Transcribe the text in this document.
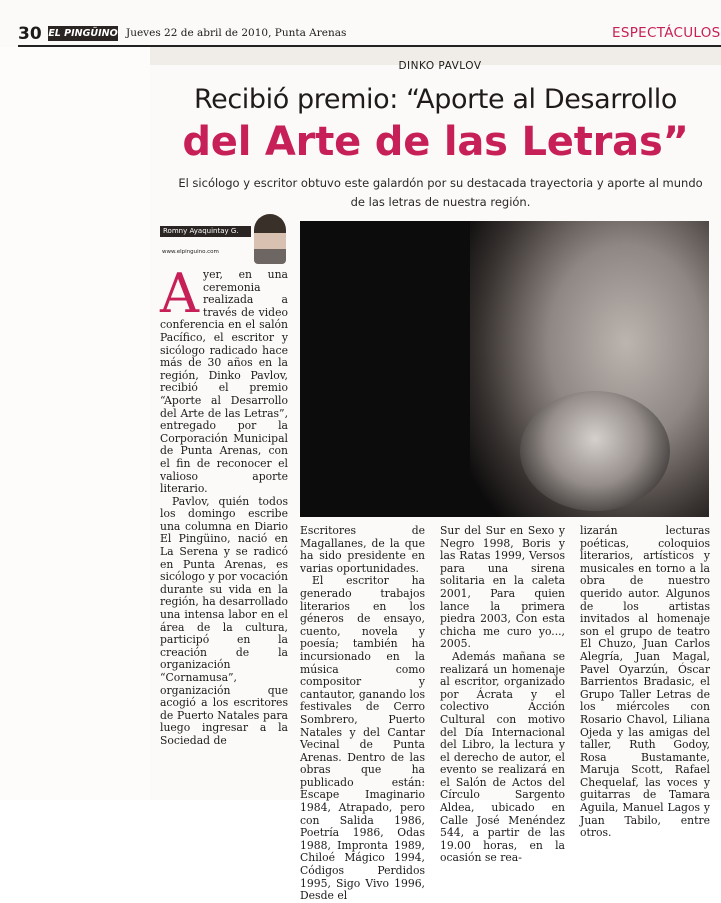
30 EL PINGÜINO Jueves 22 de abril de 2010, Punta Arenas	ESPECTÁCULOS
DINKO PAVLOV
Recibió premio: “Aporte al Desarrollo
del Arte de las Letras”
El sicólogo y escritor obtuvo este galardón por su destacada trayectoria y aporte al mundo
de las letras de nuestra región.
Romny Ayaquintay G.
www.elpinguino.com
A yer, en una ceremonia realizada a través de video conferencia en el salón Pacífico, el escritor y sicólogo radicado hace más de 30 años en la región, Dinko Pavlov, recibió el premio “Aporte al Desarrollo del Arte de las Letras”, entregado por la Corporación Municipal de Punta Arenas, con el fin de reconocer el valioso aporte literario.

Pavlov, quién todos los domingo escribe una columna en Diario El Pingüino, nació en La Serena y se radicó en Punta Arenas, es sicólogo y por vocación durante su vida en la región, ha desarrollado una intensa labor en el área de la cultura, participó en la creación de la organización “Cornamusa”, organización que acogió a los escritores de Puerto Natales para luego ingresar a la Sociedad de

Escritores de Magallanes, de la que ha sido presidente en varias oportunidades.

El escritor ha generado trabajos literarios en los géneros de ensayo, cuento, novela y poesía; también ha incursionado en la música como compositor y cantautor, ganando los festivales de Cerro Sombrero, Puerto Natales y del Cantar Vecinal de Punta Arenas. Dentro de las obras que ha publicado están: Escape Imaginario 1984, Atrapado, pero con Salida 1986, Poetría 1986, Odas 1988, Impronta 1989, Chiloé Mágico 1994, Códigos Perdidos 1995, Sigo Vivo 1996, Desde el

Sur del Sur en Sexo y Negro 1998, Boris y las Ratas 1999, Versos para una sirena solitaria en la caleta 2001, Para quien lance la primera piedra 2003, Con esta chicha me curo yo..., 2005.

Además mañana se realizará un homenaje al escritor, organizado por Ácrata y el colectivo Acción Cultural con motivo del Día Internacional del Libro, la lectura y el derecho de autor, el evento se realizará en el Salón de Actos del Círculo Sargento Aldea, ubicado en Calle José Menéndez 544, a partir de las 19.00 horas, en la ocasión se rea-

lizarán lecturas poéticas, coloquios literarios, artísticos y musicales en torno a la obra de nuestro querido autor. Algunos de los artistas invitados al homenaje son el grupo de teatro El Chuzo, Juan Carlos Alegría, Juan Magal, Pavel Oyarzún, Óscar Barrientos Bradasic, el Grupo Taller Letras de los miércoles con Rosario Chavol, Liliana Ojeda y las amigas del taller, Ruth Godoy, Rosa Bustamante, Maruja Scott, Rafael Chequelaf, las voces y guitarras de Tamara Aguila, Manuel Lagos y Juan Tabilo, entre otros.
